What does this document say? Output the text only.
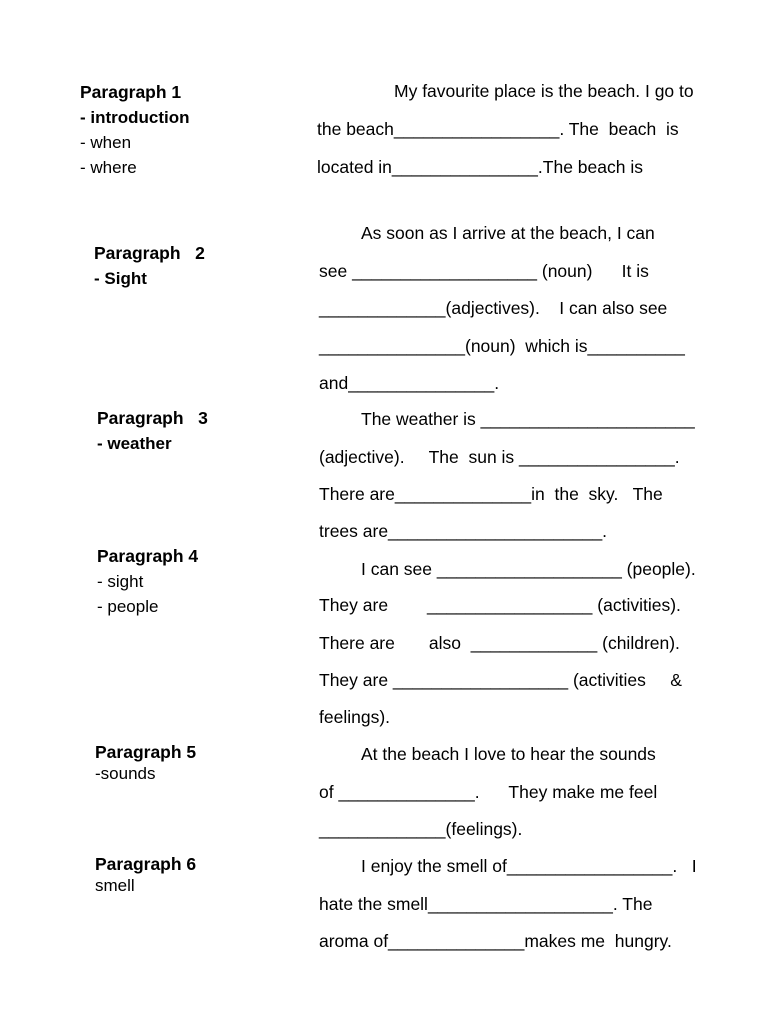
Paragraph 1
- introduction
- when
- where
Paragraph   2
- Sight
Paragraph   3
- weather
Paragraph 4
- sight
- people
Paragraph 5
-sounds
Paragraph 6
smell
My favourite place is the beach. I go to
the beach_________________. The  beach  is
located in_______________.The beach is
As soon as I arrive at the beach, I can
see ___________________ (noun)      It is
_____________(adjectives).    I can also see
_______________(noun)  which is__________
and_______________.
The weather is ______________________
(adjective).     The  sun is ________________.
There are______________in  the  sky.   The
trees are______________________.
I can see ___________________ (people).
They are        _________________ (activities).
There are       also  _____________ (children).
They are __________________ (activities     &
feelings).
At the beach I love to hear the sounds
of ______________.      They make me feel
_____________(feelings).
I enjoy the smell of_________________.   I
hate the smell___________________. The
aroma of______________makes me  hungry.
